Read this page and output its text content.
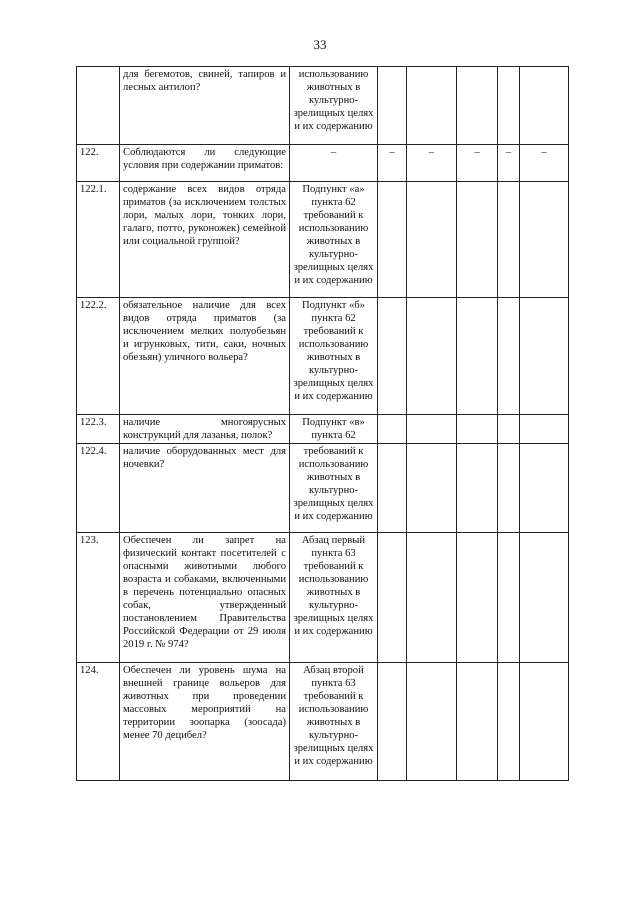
33
	для бегемотов, свиней, тапиров и лесных антилоп?	использованию животных в культурно-зрелищных целях и их содержанию					
122.	Соблюдаются ли следующие условия при содержании приматов:	–	–	–	–	–	–
122.1.	содержание всех видов отряда приматов (за исключением толстых лори, малых лори, тонких лори, галаго, потто, руконожек) семейной или социальной группой?	Подпункт «а» пункта 62 требований к использованию животных в культурно-зрелищных целях и их содержанию					
122.2.	обязательное наличие для всех видов отряда приматов (за исключением мелких полуобезьян и игрунковых, тити, саки, ночных обезьян) уличного вольера?	Подпункт «б» пункта 62 требований к использованию животных в культурно-зрелищных целях и их содержанию					
122.3.	наличие многоярусных конструкций для лазанья, полок?	Подпункт «в» пункта 62					
122.4.	наличие оборудованных мест для ночевки?	требований к использованию животных в культурно-зрелищных целях и их содержанию					
123.	Обеспечен ли запрет на физический контакт посетителей с опасными животными любого возраста и собаками, включенными в перечень потенциально опасных собак, утвержденный постановлением Правительства Российской Федерации от 29 июля 2019 г. № 974?	Абзац первый пункта 63 требований к использованию животных в культурно-зрелищных целях и их содержанию					
124.	Обеспечен ли уровень шума на внешней границе вольеров для животных при проведении массовых мероприятий на территории зоопарка (зоосада) менее 70 децибел?	Абзац второй пункта 63 требований к использованию животных в культурно-зрелищных целях и их содержанию					
